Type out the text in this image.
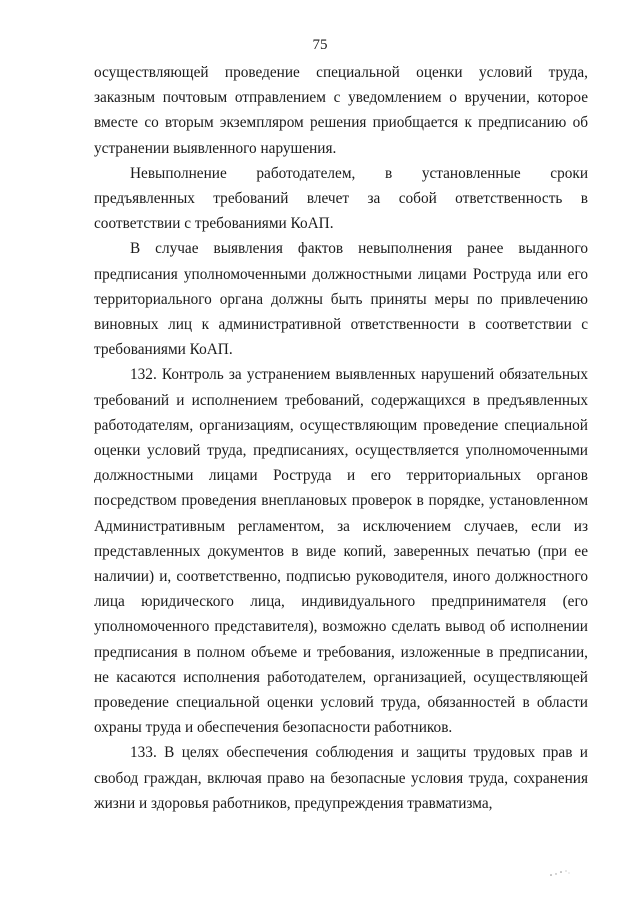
75

осуществляющей проведение специальной оценки условий труда, заказным почтовым отправлением с уведомлением о вручении, которое вместе со вторым экземпляром решения приобщается к предписанию об устранении выявленного нарушения.

Невыполнение работодателем, в установленные сроки предъявленных требований влечет за собой ответственность в соответствии с требованиями КоАП.

В случае выявления фактов невыполнения ранее выданного предписания уполномоченными должностными лицами Роструда или его территориального органа должны быть приняты меры по привлечению виновных лиц к административной ответственности в соответствии с требованиями КоАП.

132. Контроль за устранением выявленных нарушений обязательных требований и исполнением требований, содержащихся в предъявленных работодателям, организациям, осуществляющим проведение специальной оценки условий труда, предписаниях, осуществляется уполномоченными должностными лицами Роструда и его территориальных органов посредством проведения внеплановых проверок в порядке, установленном Административным регламентом, за исключением случаев, если из представленных документов в виде копий, заверенных печатью (при ее наличии) и, соответственно, подписью руководителя, иного должностного лица юридического лица, индивидуального предпринимателя (его уполномоченного представителя), возможно сделать вывод об исполнении предписания в полном объеме и требования, изложенные в предписании, не касаются исполнения работодателем, организацией, осуществляющей проведение специальной оценки условий труда, обязанностей в области охраны труда и обеспечения безопасности работников.

133. В целях обеспечения соблюдения и защиты трудовых прав и свобод граждан, включая право на безопасные условия труда, сохранения жизни и здоровья работников, предупреждения травматизма,
